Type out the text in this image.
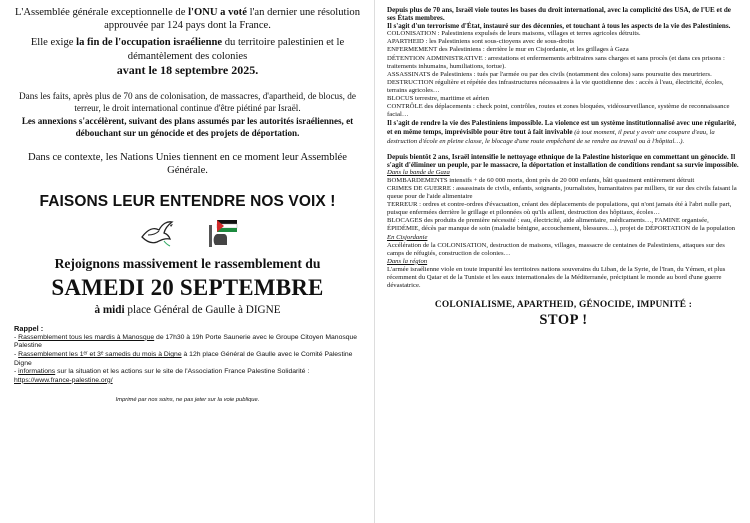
L'Assemblée générale exceptionnelle de l'ONU a voté l'an dernier une résolution approuvée par 124 pays dont la France.

Elle exige la fin de l'occupation israélienne du territoire palestinien et le démantèlement des colonies

avant le 18 septembre 2025.

Dans les faits, après plus de 70 ans de colonisation, de massacres, d'apartheid, de blocus, de terreur, le droit international continue d'être piétiné par Israël.

Les annexions s'accélèrent, suivant des plans assumés par les autorités israéliennes, et débouchant sur un génocide et des projets de déportation.

Dans ce contexte, les Nations Unies tiennent en ce moment leur Assemblée Générale.

FAISONS LEUR ENTENDRE NOS VOIX !

Rejoignons massivement le rassemblement du

SAMEDI 20 SEPTEMBRE

à midi place Général de Gaulle à DIGNE

Rappel :
- Rassemblement tous les mardis à Manosque de 17h30 à 19h Porte Saunerie avec le Groupe Citoyen Manosque Palestine
- Rassemblement les 1ᵉʳ et 3ᵉ samedis du mois à Digne à 12h place Général de Gaulle avec le Comité Palestine Digne
- informations sur la situation et les actions sur le site de l'Association France Palestine Solidarité : https://www.france-palestine.org/
Imprimé par nos soins, ne pas jeter sur la voie publique.

Depuis plus de 70 ans, Israël viole toutes les bases du droit international, avec la complicité des USA, de l'UE et de ses États membres.

Il s'agit d'un terrorisme d'État, instauré sur des décennies, et touchant à tous les aspects de la vie des Palestiniens.

COLONISATION : Palestiniens expulsés de leurs maisons, villages et terres agricoles détruits.

APARTHEID : les Palestiniens sont sous-citoyens avec de sous-droits

ENFERMEMENT des Palestiniens : derrière le mur en Cisjordanie, et les grillages à Gaza

DÉTENTION ADMINISTRATIVE : arrestations et enfermements arbitraires sans charges et sans procès (et dans ces prisons : traitements inhumains, humiliations, tortue).

ASSASSINATS de Palestiniens : tués par l'armée ou par des civils (notamment des colons) sans poursuite des meurtriers.

DESTRUCTION régulière et répétée des infrastructures nécessaires à la vie quotidienne des : accès à l'eau, électricité, écoles, terrains agricoles…

BLOCUS terrestre, maritime et aérien

CONTRÔLE des déplacements : check point, contrôles, routes et zones bloquées, vidéosurveillance, système de reconnaissance facial…

Il s'agit de rendre la vie des Palestiniens impossible. La violence est un système institutionnalisé avec une régularité, et en même temps, imprévisible pour être tout à fait invivable (à tout moment, il peut y avoir une coupure d'eau, la destruction d'école en pleine classe, le blocage d'une route empêchant de se rendre au travail ou à l'hôpital…).

Depuis bientôt 2 ans, Israël intensifie le nettoyage ethnique de la Palestine historique en commettant un génocide. Il s'agit d'éliminer un peuple, par le massacre, la déportation et installation de conditions rendant sa survie impossible.

Dans la bande de Gaza

BOMBARDEMENTS intensifs + de 60 000 morts, dont près de 20 000 enfants, bâti quasiment entièrement détruit

CRIMES DE GUERRE : assassinats de civils, enfants, soignants, journalistes, humanitaires par milliers, tir sur des civils faisant la queue pour de l'aide alimentaire

TERREUR : ordres et contre-ordres d'évacuation, créant des déplacements de populations, qui n'ont jamais été à l'abri nulle part, puisque enfermées derrière le grillage et pilonnées où qu'ils aillent, destruction des hôpitaux, écoles…

BLOCAGES des produits de première nécessité : eau, électricité, aide alimentaire, médicaments…, FAMINE organisée, ÉPIDÉMIE, décès par manque de soin (maladie bénigne, accouchement, blessures…), projet de DÉPORTATION de la population

En Cisjordanie

Accélération de la COLONISATION, destruction de maisons, villages, massacre de centaines de Palestiniens, attaques sur des camps de réfugiés, construction de colonies…

Dans la région

L'armée israélienne viole en toute impunité les territoires nations souverains du Liban, de la Syrie, de l'Iran, du Yémen, et plus récemment du Qatar et de la Tunisie et les eaux internationales de la Méditerranée, précipitant le monde au bord d'une guerre dévastatrice.

COLONIALISME, APARTHEID, GÉNOCIDE, IMPUNITÉ :
STOP !
